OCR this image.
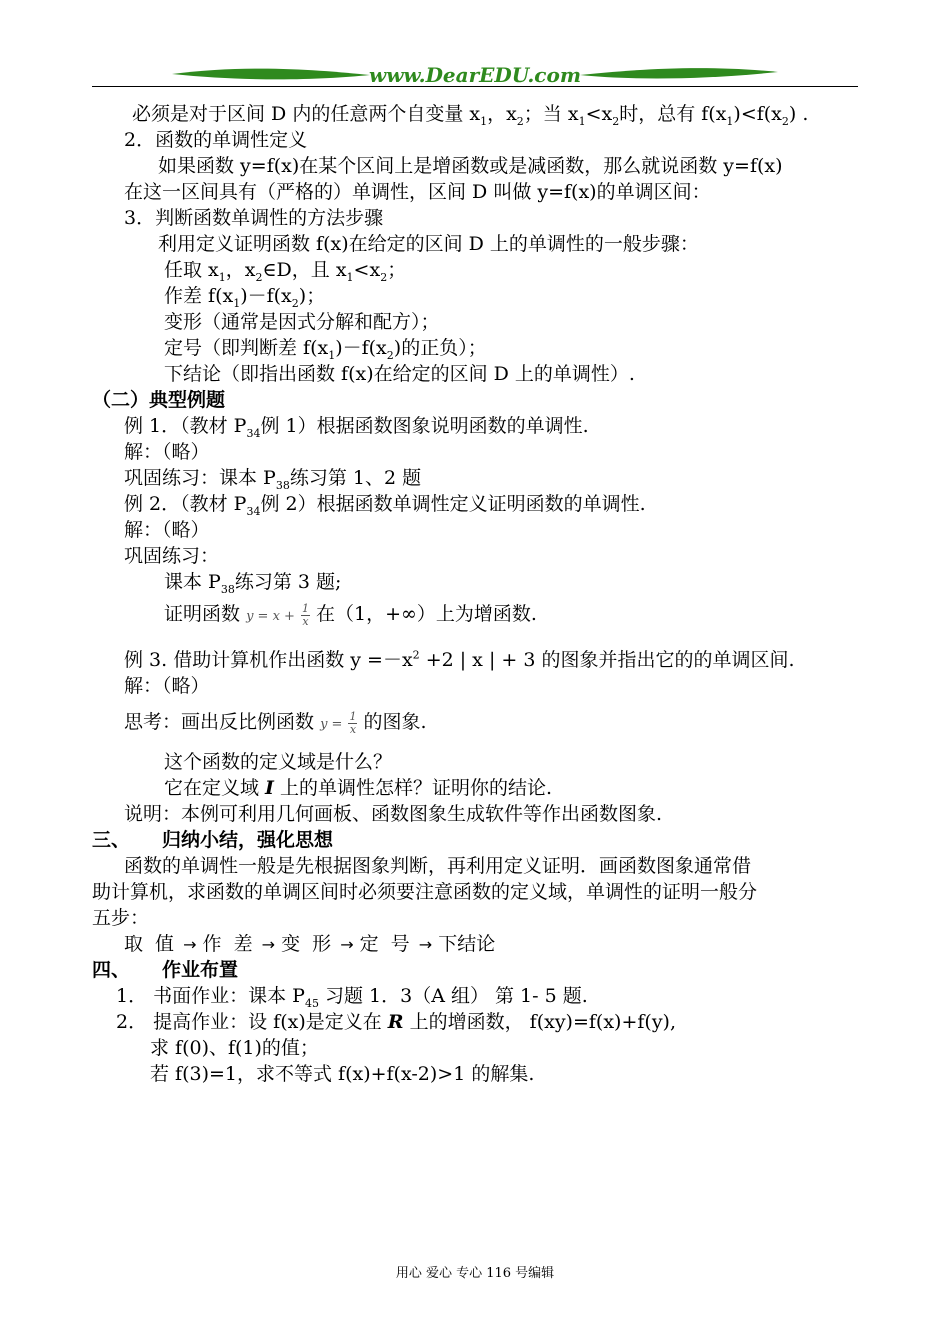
www.DearEDU.com
必须是对于区间 D 内的任意两个自变量 $x_1$，$x_2$；当 $x_1<x_2$时，总有 $f(x_1)<f(x_2)$ .
2．函数的单调性定义
如果函数 y=f(x)在某个区间上是增函数或是减函数，那么就说函数 y=f(x)
在这一区间具有（严格的）单调性，区间 D 叫做 y=f(x)的单调区间：
3．判断函数单调性的方法步骤
利用定义证明函数 f(x)在给定的区间 D 上的单调性的一般步骤：
任取 $x_1$，$x_2\in D$，且 $x_1<x_2$；
作差 $f(x_1)-f(x_2)$；
变形（通常是因式分解和配方）；
定号（即判断差 $f(x_1)-f(x_2)$的正负）；
下结论（即指出函数 f(x)在给定的区间 D 上的单调性）.
（二）典型例题
例 1．（教材 $P_{34}$例 1）根据函数图象说明函数的单调性.
解：（略）
巩固练习：课本 $P_{38}$练习第 1、2 题
例 2．（教材 $P_{34}$例 2）根据函数单调性定义证明函数的单调性.
解：（略）
巩固练习：
课本 $P_{38}$练习第 3 题;
证明函数 $y = x + \frac{1}{x}$ 在（1，+∞）上为增函数.
例 3. 借助计算机作出函数 $y =-x^2 +2$ | x | + 3 的图象并指出它的的单调区间.
解：（略）
思考：画出反比例函数 $y = \frac{1}{x}$ 的图象.
这个函数的定义域是什么？
它在定义域 I 上的单调性怎样？证明你的结论.
说明：本例可利用几何画板、函数图象生成软件等作出函数图象.
三、 归纳小结，强化思想
函数的单调性一般是先根据图象判断，再利用定义证明．画函数图象通常借
助计算机，求函数的单调区间时必须要注意函数的定义域，单调性的证明一般分
五步：
取 值 → 作 差 → 变 形 → 定 号 → 下结论
四、 作业布置
1． 书面作业：课本 $P_{45}$ 习题 1．3（A 组） 第 1- 5 题.
2． 提高作业：设 f(x)是定义在 R 上的增函数， f(xy)=f(x)+f(y),
求 f(0)、f(1)的值；
若 f(3)=1，求不等式 f(x)+f(x-2)>1 的解集.
用心 爱心 专心 116 号编辑
